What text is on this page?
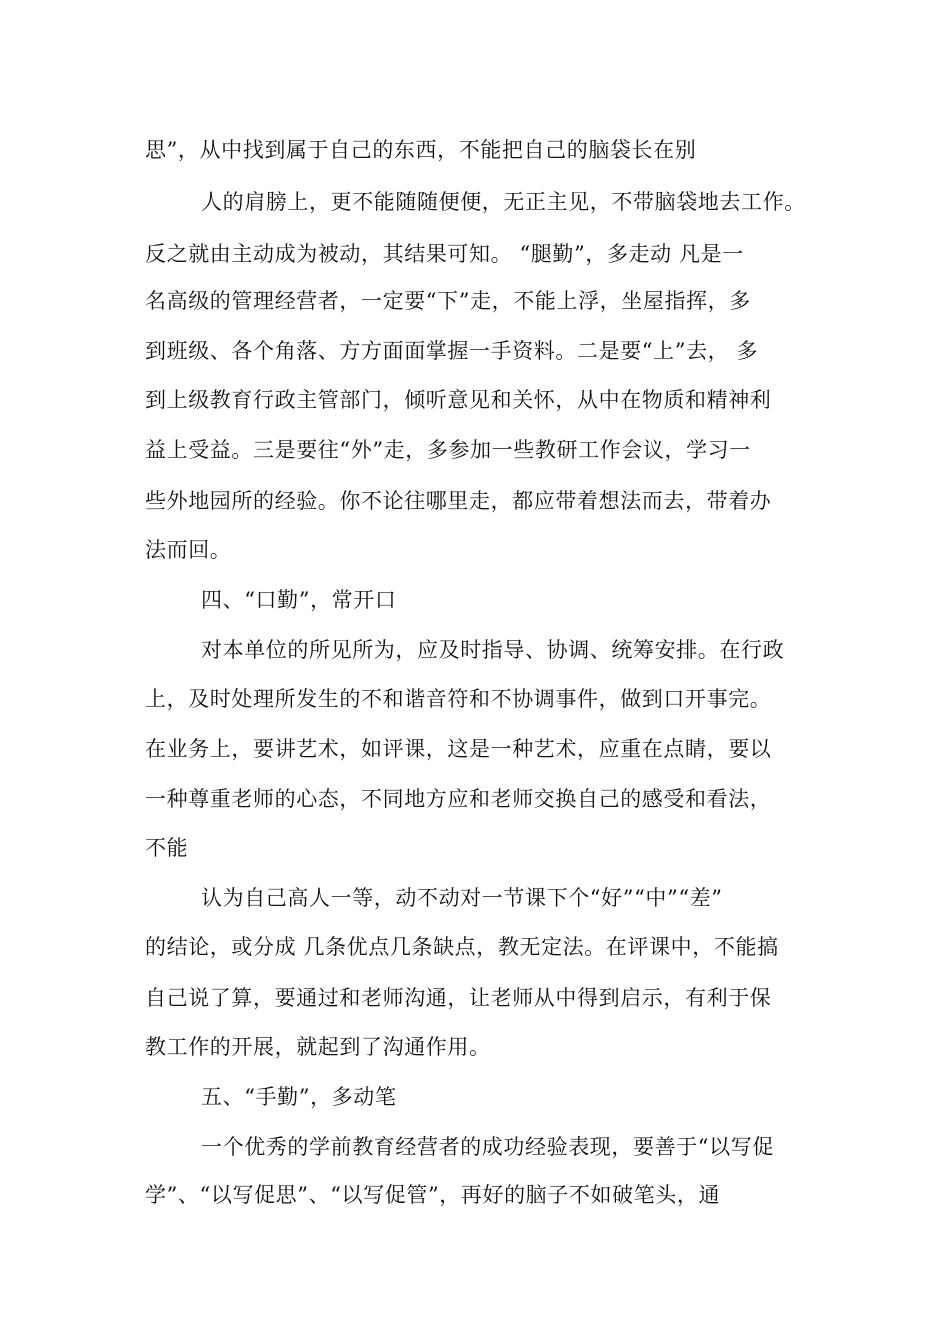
思”，从中找到属于自己的东西，不能把自己的脑袋长在别

人的肩膀上，更不能随随便便，无正主见，不带脑袋地去工作。

反之就由主动成为被动，其结果可知。 “腿勤”，多走动 凡是一

名高级的管理经营者，一定要“下”走，不能上浮，坐屋指挥，多

到班级、各个角落、方方面面掌握一手资料。二是要“上”去， 多

到上级教育行政主管部门，倾听意见和关怀，从中在物质和精神利

益上受益。三是要往“外”走，多参加一些教研工作会议，学习一

些外地园所的经验。你不论往哪里走，都应带着想法而去，带着办

法而回。

四、“口勤”，常开口

对本单位的所见所为，应及时指导、协调、统筹安排。在行政

上，及时处理所发生的不和谐音符和不协调事件，做到口开事完。

在业务上，要讲艺术，如评课，这是一种艺术，应重在点睛，要以

一种尊重老师的心态，不同地方应和老师交换自己的感受和看法，

不能

认为自己高人一等，动不动对一节课下个“好”“中”“差”

的结论，或分成 几条优点几条缺点，教无定法。在评课中，不能搞

自己说了算，要通过和老师沟通，让老师从中得到启示，有利于保

教工作的开展，就起到了沟通作用。

五、“手勤”，多动笔

一个优秀的学前教育经营者的成功经验表现，要善于“以写促

学”、“以写促思”、“以写促管”，再好的脑子不如破笔头，通
